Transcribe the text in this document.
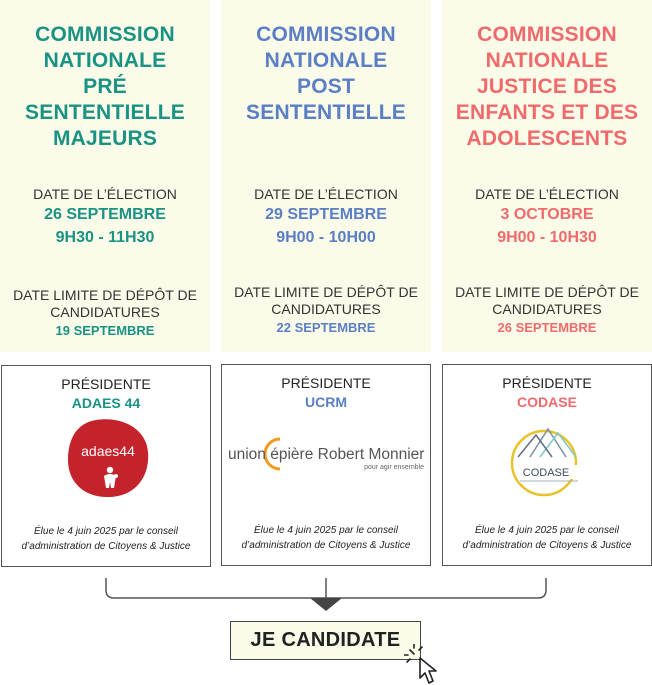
COMMISSION
NATIONALE
PRÉ SENTENTIELLE
MAJEURS
DATE DE L’ÉLECTION
26 SEPTEMBRE
9H30 - 11H30
DATE LIMITE DE DÉPÔT DE CANDIDATURES
19 SEPTEMBRE
COMMISSION
NATIONALE
POST
SENTENTIELLE
DATE DE L’ÉLECTION
29 SEPTEMBRE
9H00 - 10H00
DATE LIMITE DE DÉPÔT DE CANDIDATURES
22 SEPTEMBRE
COMMISSION
NATIONALE
JUSTICE DES
ENFANTS ET DES
ADOLESCENTS
DATE DE L’ÉLECTION
3 OCTOBRE
9H00 - 10H30
DATE LIMITE DE DÉPÔT DE CANDIDATURES
26 SEPTEMBRE
PRÉSIDENTE
ADAES 44
adaes44
Élue le 4 juin 2025 par le conseil
d’administration de Citoyens & Justice
PRÉSIDENTE
UCRM
union épière Robert Monnier
pour agir ensemble
Élue le 4 juin 2025 par le conseil
d’administration de Citoyens & Justice
PRÉSIDENTE
CODASE
CODASE
Élue le 4 juin 2025 par le conseil
d’administration de Citoyens & Justice
JE CANDIDATE
